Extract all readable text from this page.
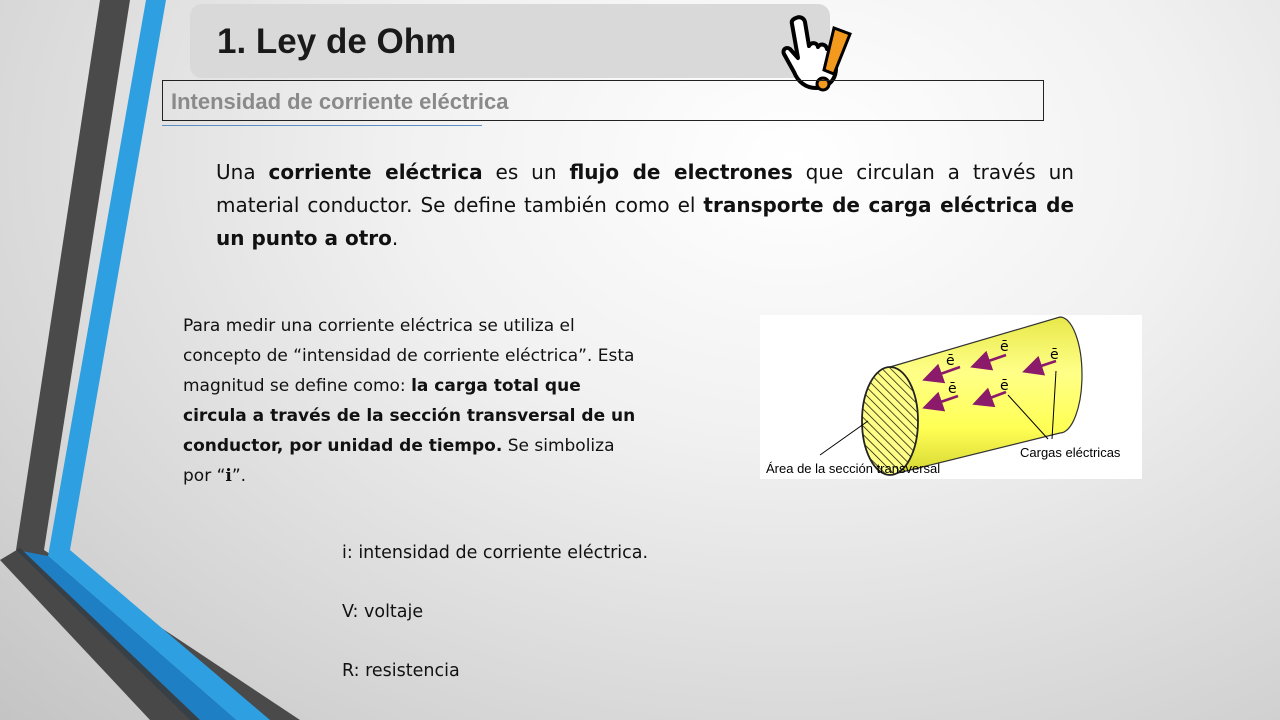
1. Ley de Ohm
Intensidad de corriente eléctrica
Una corriente eléctrica es un flujo de electrones que circulan a través un material conductor. Se define también como el transporte de carga eléctrica de un punto a otro.
Para medir una corriente eléctrica se utiliza el concepto de “intensidad de corriente eléctrica”. Esta magnitud se define como: la carga total que circula a través de la sección transversal de un conductor, por unidad de tiempo. Se simboliza por “i”.
ē
ē	ē
ē	ē
Área de la sección transversal
Cargas eléctricas
i: intensidad de corriente eléctrica.
V: voltaje
R: resistencia
